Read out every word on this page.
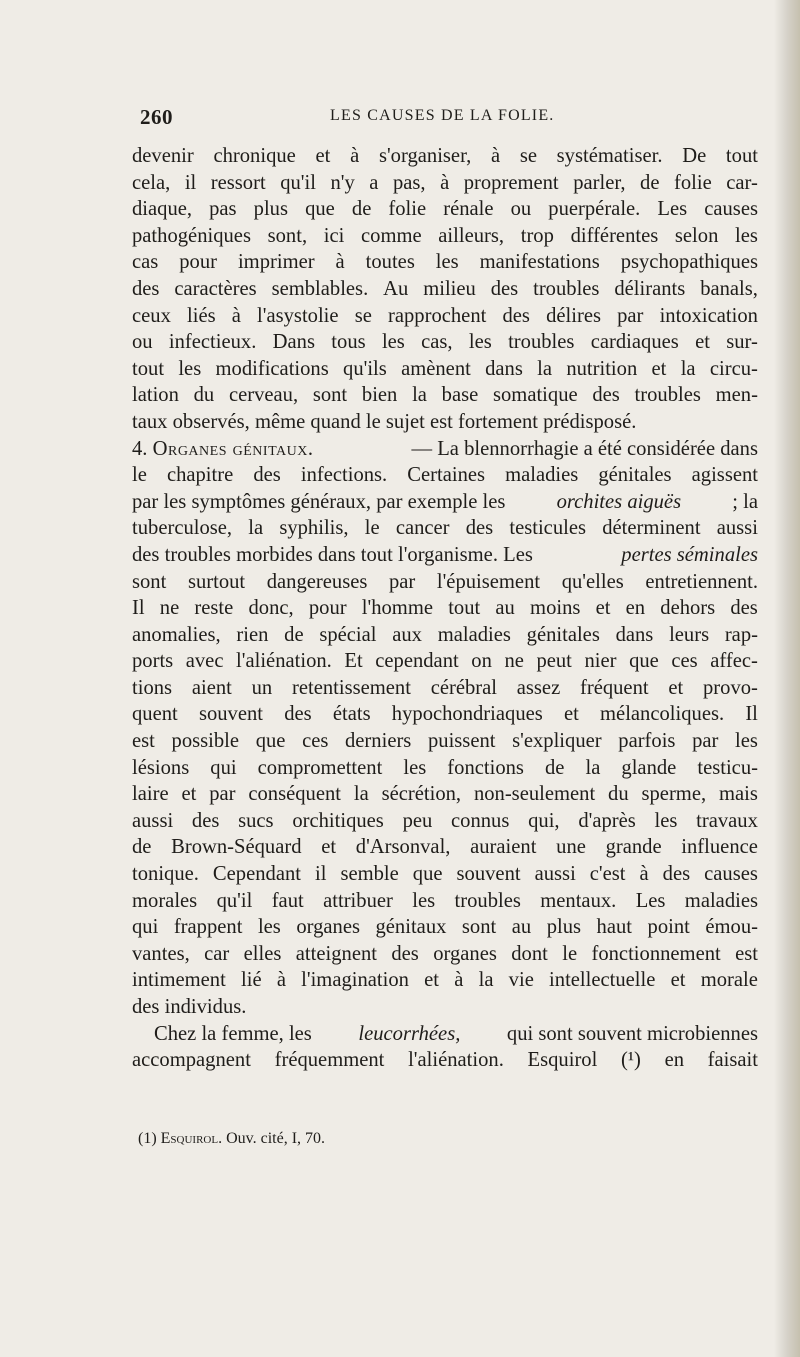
260	LES CAUSES DE LA FOLIE.
devenir chronique et à s'organiser, à se systématiser. De tout
cela, il ressort qu'il n'y a pas, à proprement parler, de folie car-
diaque, pas plus que de folie rénale ou puerpérale. Les causes
pathogéniques sont, ici comme ailleurs, trop différentes selon les
cas pour imprimer à toutes les manifestations psychopathiques
des caractères semblables. Au milieu des troubles délirants banals,
ceux liés à l'asystolie se rapprochent des délires par intoxication
ou infectieux. Dans tous les cas, les troubles cardiaques et sur-
tout les modifications qu'ils amènent dans la nutrition et la circu-
lation du cerveau, sont bien la base somatique des troubles men-
taux observés, même quand le sujet est fortement prédisposé.
4. Organes génitaux.	— La blennorrhagie a été considérée dans
le chapitre des infections. Certaines maladies génitales agissent
par les symptômes généraux, par exemple les orchites aiguës ; la
tuberculose, la syphilis, le cancer des testicules déterminent aussi
des troubles morbides dans tout l'organisme. Les	pertes séminales
sont surtout dangereuses par l'épuisement qu'elles entretiennent.
Il ne reste donc, pour l'homme tout au moins et en dehors des
anomalies, rien de spécial aux maladies génitales dans leurs rap-
ports avec l'aliénation. Et cependant on ne peut nier que ces affec-
tions aient un retentissement cérébral assez fréquent et provo-
quent souvent des états hypochondriaques et mélancoliques. Il
est possible que ces derniers puissent s'expliquer parfois par les
lésions qui compromettent les fonctions de la glande testicu-
laire et par conséquent la sécrétion, non-seulement du sperme, mais
aussi des sucs orchitiques peu connus qui, d'après les travaux
de Brown-Séquard et d'Arsonval, auraient une grande influence
tonique. Cependant il semble que souvent aussi c'est à des causes
morales qu'il faut attribuer les troubles mentaux. Les maladies
qui frappent les organes génitaux sont au plus haut point émou-
vantes, car elles atteignent des organes dont le fonctionnement est
intimement lié à l'imagination et à la vie intellectuelle et morale
des individus.
Chez la femme, les leucorrhées, qui sont souvent microbiennes
accompagnent fréquemment l'aliénation. Esquirol (¹) en faisait
(1) Esquirol. Ouv. cité, I, 70.
